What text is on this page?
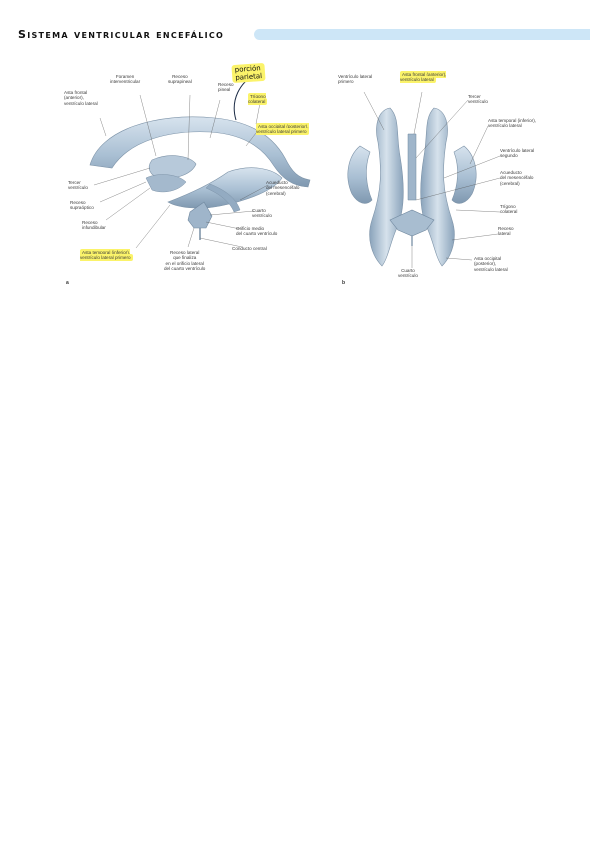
Sistema ventricular encefálico
Asta frontal
(anterior),
ventrículo lateral
Foramen
interventricular
Receso
suprapineal
Receso
pineal
porción
parietal
Trígono
colateral
Asta occipital (posterior),
ventrículo lateral primero
Tercer
ventrículo
Receso
supraóptico
Receso
infundibular
Acueducto
del mesencéfalo
(cerebral)
Cuarto
ventrículo
Orificio medio
del cuarto ventrículo
Conducto central
Asta temporal (inferior),
ventrículo lateral primero
Receso lateral
que finaliza
en el orificio lateral
del cuarto ventrículo
a
Ventrículo lateral
primero
Asta frontal (anterior),
ventrículo lateral
Tercer
ventrículo
Asta temporal (inferior),
ventrículo lateral
Ventrículo lateral
segundo
Acueducto
del mesencéfalo
(cerebral)
Trígono
colateral
Receso
lateral
Cuarto
ventrículo
Asta occipital
(posterior),
ventrículo lateral
b
